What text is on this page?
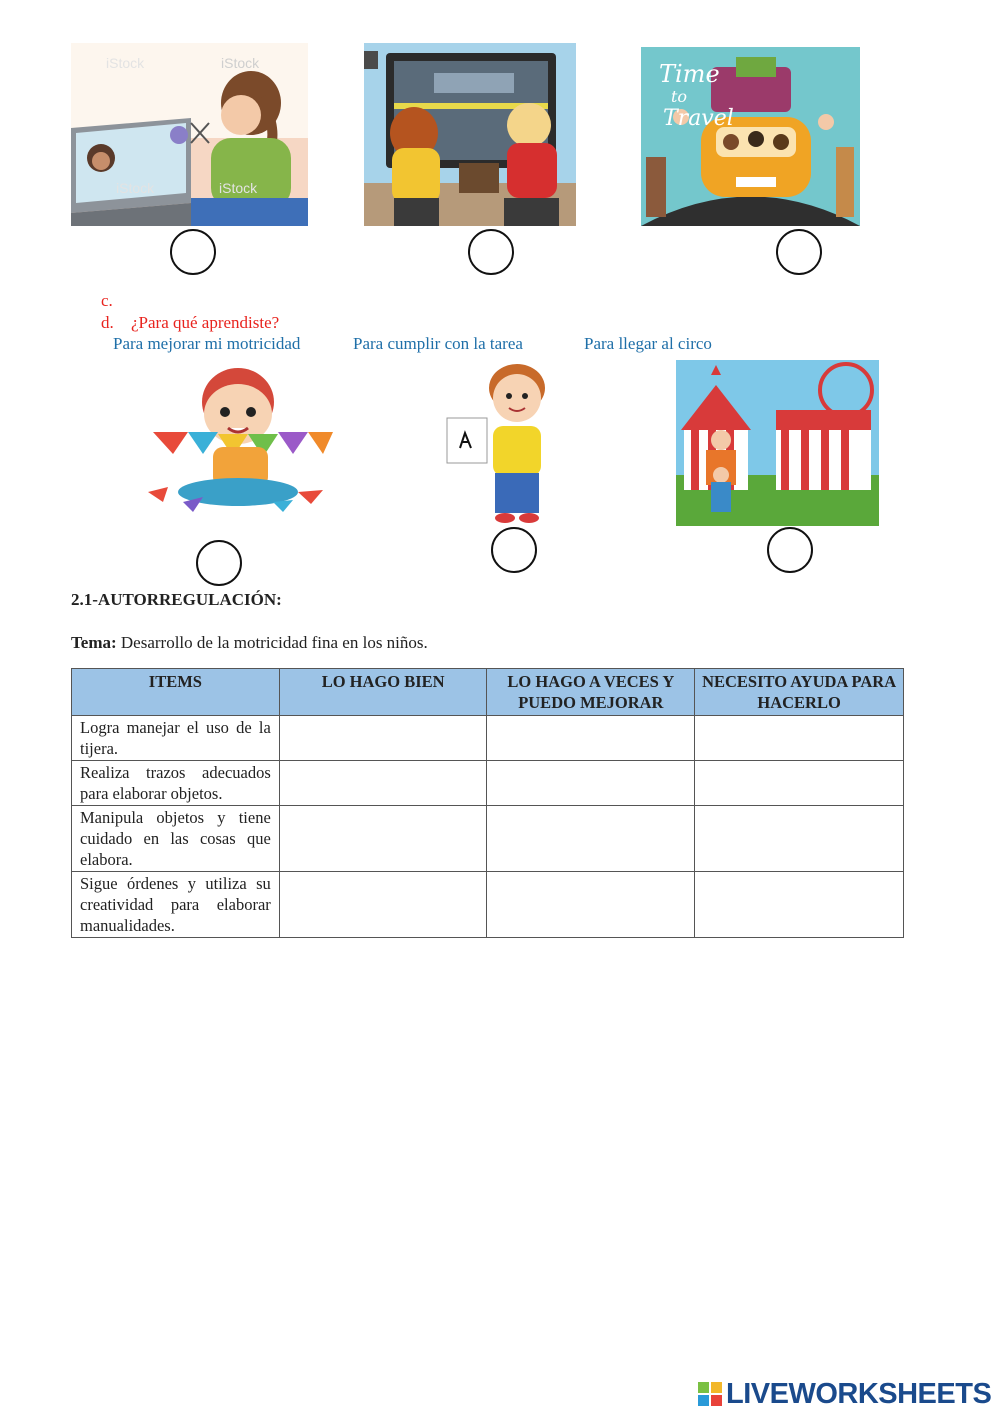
iStock
iStock
iStock	iStock
Time
to
Travel
c.
d. ¿Para qué aprendiste?
Para mejorar mi motricidad	Para cumplir con la tarea	Para llegar al circo
2.1-AUTORREGULACIÓN:
Tema: Desarrollo de la motricidad fina en los niños.
ITEMS	LO HAGO BIEN	LO HAGO A VECES Y PUEDO MEJORAR	NECESITO AYUDA PARA HACERLO
Logra manejar el uso de la tijera.			
Realiza trazos adecuados para elaborar objetos.			
Manipula objetos y tiene cuidado en las cosas que elabora.			
Sigue órdenes y utiliza su creatividad para elaborar manualidades.			
LIVEWORKSHEETS
